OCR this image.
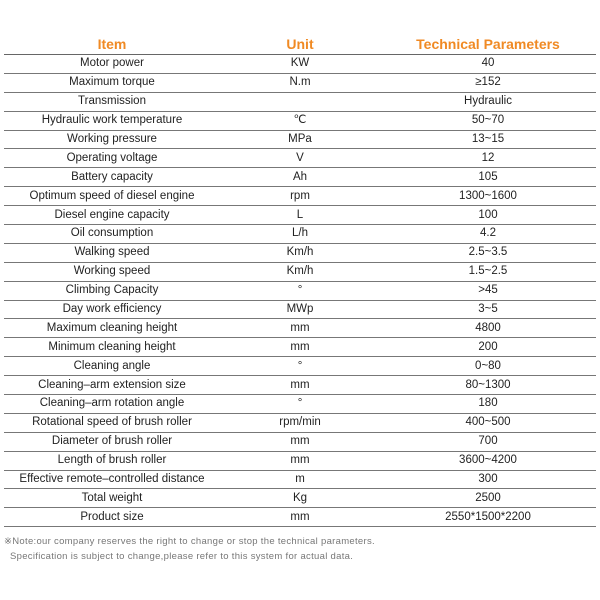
Item	Unit	Technical Parameters
Motor power	KW	40
Maximum torque	N.m	≥152
Transmission		Hydraulic
Hydraulic work temperature	℃	50~70
Working pressure	MPa	13~15
Operating voltage	V	12
Battery capacity	Ah	105
Optimum speed of diesel engine	rpm	1300~1600
Diesel engine capacity	L	100
Oil consumption	L/h	4.2
Walking speed	Km/h	2.5~3.5
Working speed	Km/h	1.5~2.5
Climbing Capacity	°	>45
Day work efficiency	MWp	3~5
Maximum cleaning height	mm	4800
Minimum cleaning height	mm	200
Cleaning angle	°	0~80
Cleaning–arm extension size	mm	80~1300
Cleaning–arm rotation angle	°	180
Rotational speed of brush roller	rpm/min	400~500
Diameter of brush roller	mm	700
Length of brush roller	mm	3600~4200
Effective remote–controlled distance	m	300
Total weight	Kg	2500
Product size	mm	2550*1500*2200
※Note:our company reserves the right to change or stop the technical parameters.
Specification is subject to change,please refer to this system for actual data.
